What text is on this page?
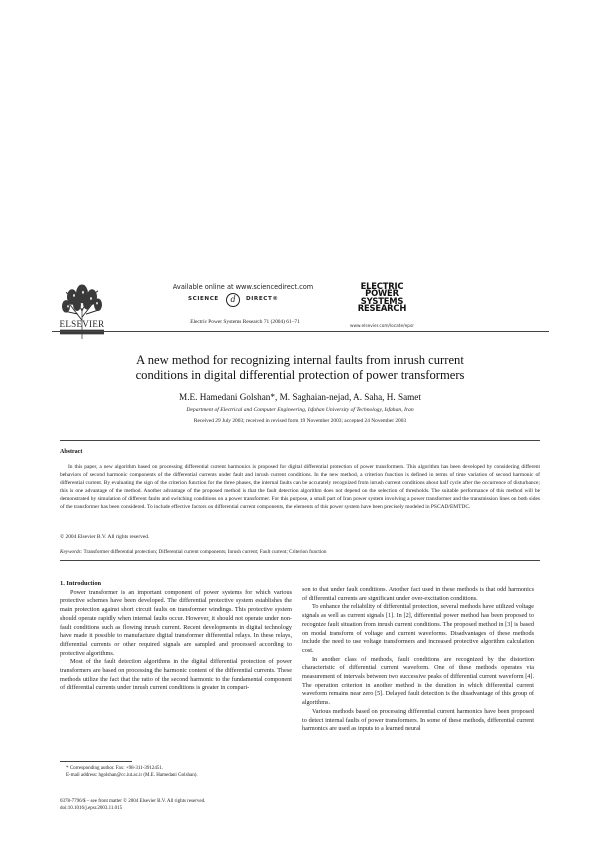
ELSEVIER
Available online at www.sciencedirect.com
SCIENCE	d	DIRECT®
Electric Power Systems Research 71 (2004) 61–71
ELECTRIC POWER SYSTEMS RESEARCH
www.elsevier.com/locate/epsr
A new method for recognizing internal faults from inrush current
conditions in digital differential protection of power transformers
M.E. Hamedani Golshan*, M. Saghaian-nejad, A. Saha, H. Samet
Department of Electrical and Computer Engineering, Isfahan University of Technology, Isfahan, Iran
Received 29 July 2003; received in revised form 19 November 2003; accepted 24 November 2003
Abstract

In this paper, a new algorithm based on processing differential current harmonics is proposed for digital differential protection of power transformers. This algorithm has been developed by considering different behaviors of second harmonic components of the differential currents under fault and inrush current conditions. In the new method, a criterion function is defined in terms of time variation of second harmonic of differential current. By evaluating the sign of the criterion function for the three phases, the internal faults can be accurately recognized from inrush current conditions about half cycle after the occurrence of disturbance; this is one advantage of the method. Another advantage of the proposed method is that the fault detection algorithm does not depend on the selection of thresholds. The suitable performance of this method will be demonstrated by simulation of different faults and switching conditions on a power transformer. For this purpose, a small part of Iran power system involving a power transformer and the transmission lines on both sides of the transformer has been considered. To include effective factors on differential current components, the elements of this power system have been precisely modeled in PSCAD/EMTDC.

© 2004 Elsevier B.V. All rights reserved.
Keywords: Transformer differential protection; Differential current components; Inrush current; Fault current; Criterion function

1. Introduction

Power transformer is an important component of power systems for which various protective schemes have been developed. The differential protective system establishes the main protection against short circuit faults on transformer windings. This protective system should operate rapidly when internal faults occur. However, it should not operate under non-fault conditions such as flowing inrush current. Recent developments in digital technology have made it possible to manufacture digital transformer differential relays. In these relays, differential currents or other required signals are sampled and processed according to protective algorithms.

Most of the fault detection algorithms in the digital differential protection of power transformers are based on processing the harmonic content of the differential currents. These methods utilize the fact that the ratio of the second harmonic to the fundamental component of differential currents under inrush current conditions is greater in compari-

son to that under fault conditions. Another fact used in these methods is that odd harmonics of differential currents are significant under over-excitation conditions.

To enhance the reliability of differential protection, several methods have utilized voltage signals as well as current signals [1]. In [2], differential power method has been proposed to recognize fault situation from inrush current conditions. The proposed method in [3] is based on modal transform of voltage and current waveforms. Disadvantages of these methods include the need to use voltage transformers and increased protective algorithm calculation cost.

In another class of methods, fault conditions are recognized by the distortion characteristic of differential current waveform. One of these methods operates via measurement of intervals between two successive peaks of differential current waveform [4]. The operation criterion in another method is the duration in which differential current waveform remains near zero [5]. Delayed fault detection is the disadvantage of this group of algorithms.

Various methods based on processing differential current harmonics have been proposed to detect internal faults of power transformers. In some of these methods, differential current harmonics are used as inputs to a learned neural

* Corresponding author. Fax: +98-311-3912451.

E-mail address: hgolshan@cc.iut.ac.ir (M.E. Hamedani Golshan).

0378-7796/$ – see front matter © 2004 Elsevier B.V. All rights reserved.
doi:10.1016/j.epsr.2003.11.015
